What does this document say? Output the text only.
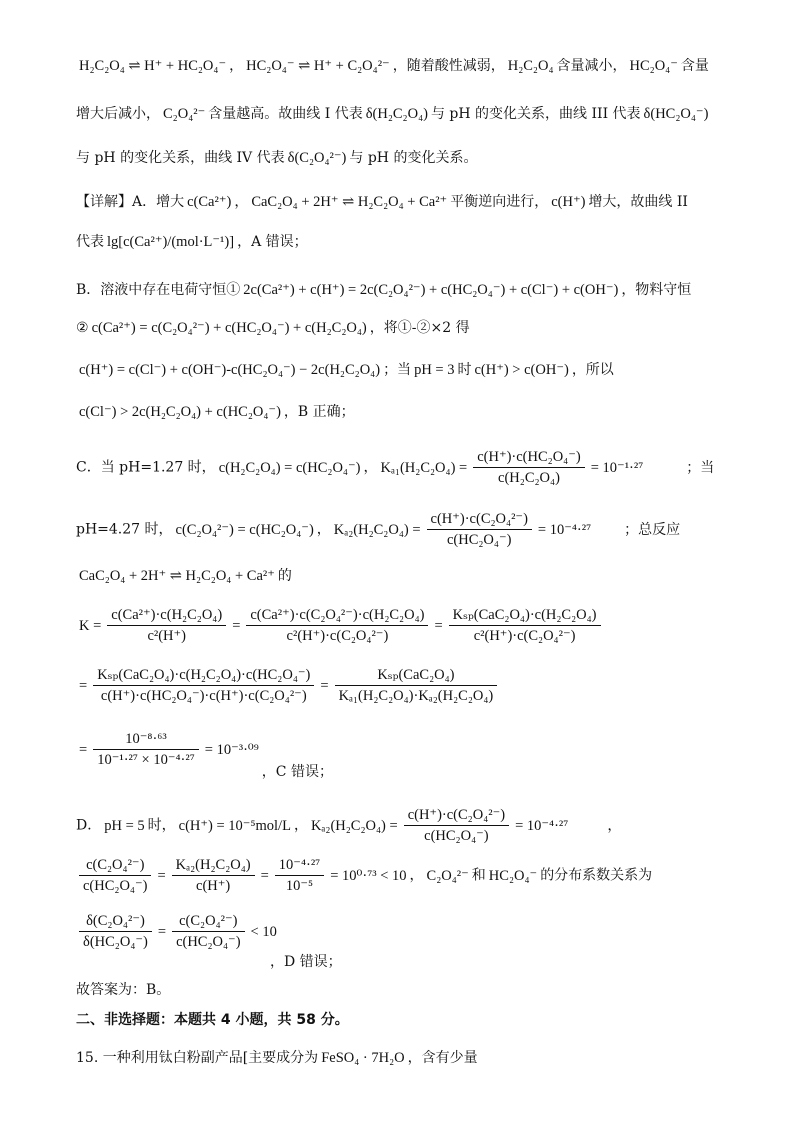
H₂C₂O₄ ⇌ H⁺ + HC₂O₄⁻ ， HC₂O₄⁻ ⇌ H⁺ + C₂O₄²⁻ ，随着酸性减弱， H₂C₂O₄ 含量减小， HC₂O₄⁻ 含量
增大后减小， C₂O₄²⁻ 含量越高。故曲线 I 代表 δ(H₂C₂O₄) 与 pH 的变化关系，曲线 III 代表 δ(HC₂O₄⁻)
与 pH 的变化关系，曲线 IV 代表 δ(C₂O₄²⁻) 与 pH 的变化关系。
【详解】A．增大 c(Ca²⁺) ， CaC₂O₄ + 2H⁺ ⇌ H₂C₂O₄ + Ca²⁺ 平衡逆向进行， c(H⁺) 增大，故曲线 II
代表 lg[c(Ca²⁺)/(mol·L⁻¹)] ，A 错误；
B．溶液中存在电荷守恒① 2c(Ca²⁺) + c(H⁺) = 2c(C₂O₄²⁻) + c(HC₂O₄⁻) + c(Cl⁻) + c(OH⁻) ，物料守恒
② c(Ca²⁺) = c(C₂O₄²⁻) + c(HC₂O₄⁻) + c(H₂C₂O₄) ，将①-②×2 得
c(H⁺) = c(Cl⁻) + c(OH⁻)-c(HC₂O₄⁻) − 2c(H₂C₂O₄) ；当 pH = 3 时 c(H⁺) > c(OH⁻) ，所以
c(Cl⁻) > 2c(H₂C₂O₄) + c(HC₂O₄⁻) ，B 正确；
C．当 pH=1.27 时， c(H₂C₂O₄) = c(HC₂O₄⁻) ， $K_{a1}(H_2C_2O_4) = \frac{\text{c(H⁺)·c(HC₂O₄⁻)}}{\text{c(H₂C₂O₄)}} = 10^{-1}\cdot^{27}$	；当
pH=4.27 时， c(C₂O₄²⁻) = c(HC₂O₄⁻) ， $K_{a2}(H_2C_2O_4) = \frac{\text{c(H⁺)·c(C₂O₄²⁻)}}{\text{c(HC₂O₄⁻)}} = 10^{-4}\cdot^{27}$ ；总反应
CaC₂O₄ + 2H⁺ ⇌ H₂C₂O₄ + Ca²⁺ 的
$K = \frac{\text{c(Ca²⁺)·c(H₂C₂O₄)}}{\text{c²(H⁺)}} = \frac{\text{c(Ca²⁺)·c(C₂O₄²⁻)·c(H₂C₂O₄)}}{\text{c²(H⁺)·c(C₂O₄²⁻)}} = \frac{\text{Kₛₚ(CaC₂O₄)·c(H₂C₂O₄)}}{\text{c²(H⁺)·c(C₂O₄²⁻)}}$
= $\frac{\text{Kₛₚ(CaC₂O₄)·c(H₂C₂O₄)·c(HC₂O₄⁻)}}{\text{c(H⁺)·c(HC₂O₄⁻)·c(H⁺)·c(C₂O₄²⁻)}} = \frac{\text{Kₛₚ(CaC₂O₄)}}{\text{Kₐ₁(H₂C₂O₄)·Kₐ₂(H₂C₂O₄)}}$
= $\frac{\text{10⁻⁸·⁶³}}{\text{10⁻¹·²⁷ × 10⁻⁴·²⁷}} = 10^{-3}\cdot^{09}$，C 错误；
D． pH = 5 时， c(H⁺) = 10⁻⁵mol/L ， $K_{a2}(H_2C_2O_4) = \frac{\text{c(H⁺)·c(C₂O₄²⁻)}}{\text{c(HC₂O₄⁻)}} = 10^{-4}\cdot^{27}$	，
$\frac{\text{c(C₂O₄²⁻)}}{\text{c(HC₂O₄⁻)}} = \frac{\text{Kₐ₂(H₂C₂O₄)}}{c(H^+)} = \frac{\text{10⁻⁴·²⁷}}{\text{10⁻⁵}} = 10^0\cdot^{73} < 10$ ， C₂O₄²⁻ 和 HC₂O₄⁻ 的分布系数关系为
$\frac{\text{δ(C₂O₄²⁻)}}{\text{δ(HC₂O₄⁻)}} = \frac{\text{c(C₂O₄²⁻)}}{\text{c(HC₂O₄⁻)}} < 10$
，D 错误；
故答案为：B。
二、非选择题：本题共 4 小题，共 58 分。
15. 一种利用钛白粉副产品[主要成分为 FeSO₄ · 7H₂O ，含有少量
